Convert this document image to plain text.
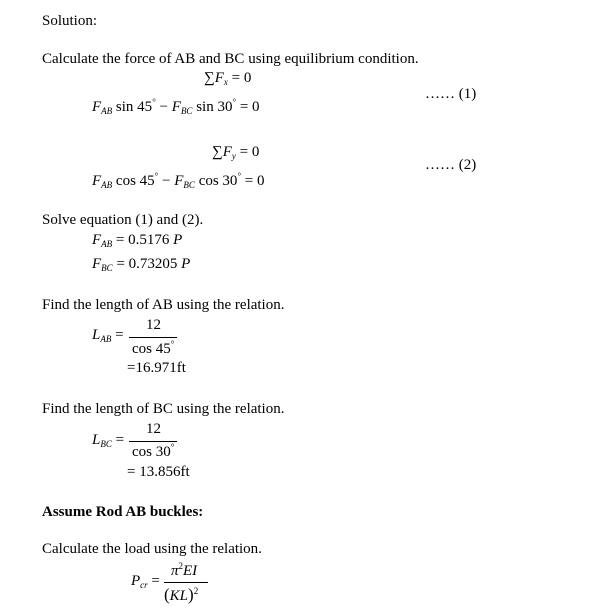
Solution:
Calculate the force of AB and BC using equilibrium condition.
$\sum F_x = 0$
…… (1)
$F_{AB}$ $\sin 45^\circ - F_{BC}$ sin 30° = 0
$\sum F_y = 0$
…… (2)
$F_{AB}$ $\cos 45^\circ - F_{BC}$ cos 30° = 0
Solve equation (1) and (2).
$F_{AB} = 0.5176$ P
$F_{BC} = 0.73205$ P
Find the length of AB using the relation.
$L_{AB}$ =
12
cos 45°
=16.971ft
Find the length of BC using the relation.
$L_{BC}$ =
12
cos 30°
= 13.856ft
Assume Rod AB buckles:
Calculate the load using the relation.
$P_{cr}$ =
$\pi^2EI$
(KL)$^2$
